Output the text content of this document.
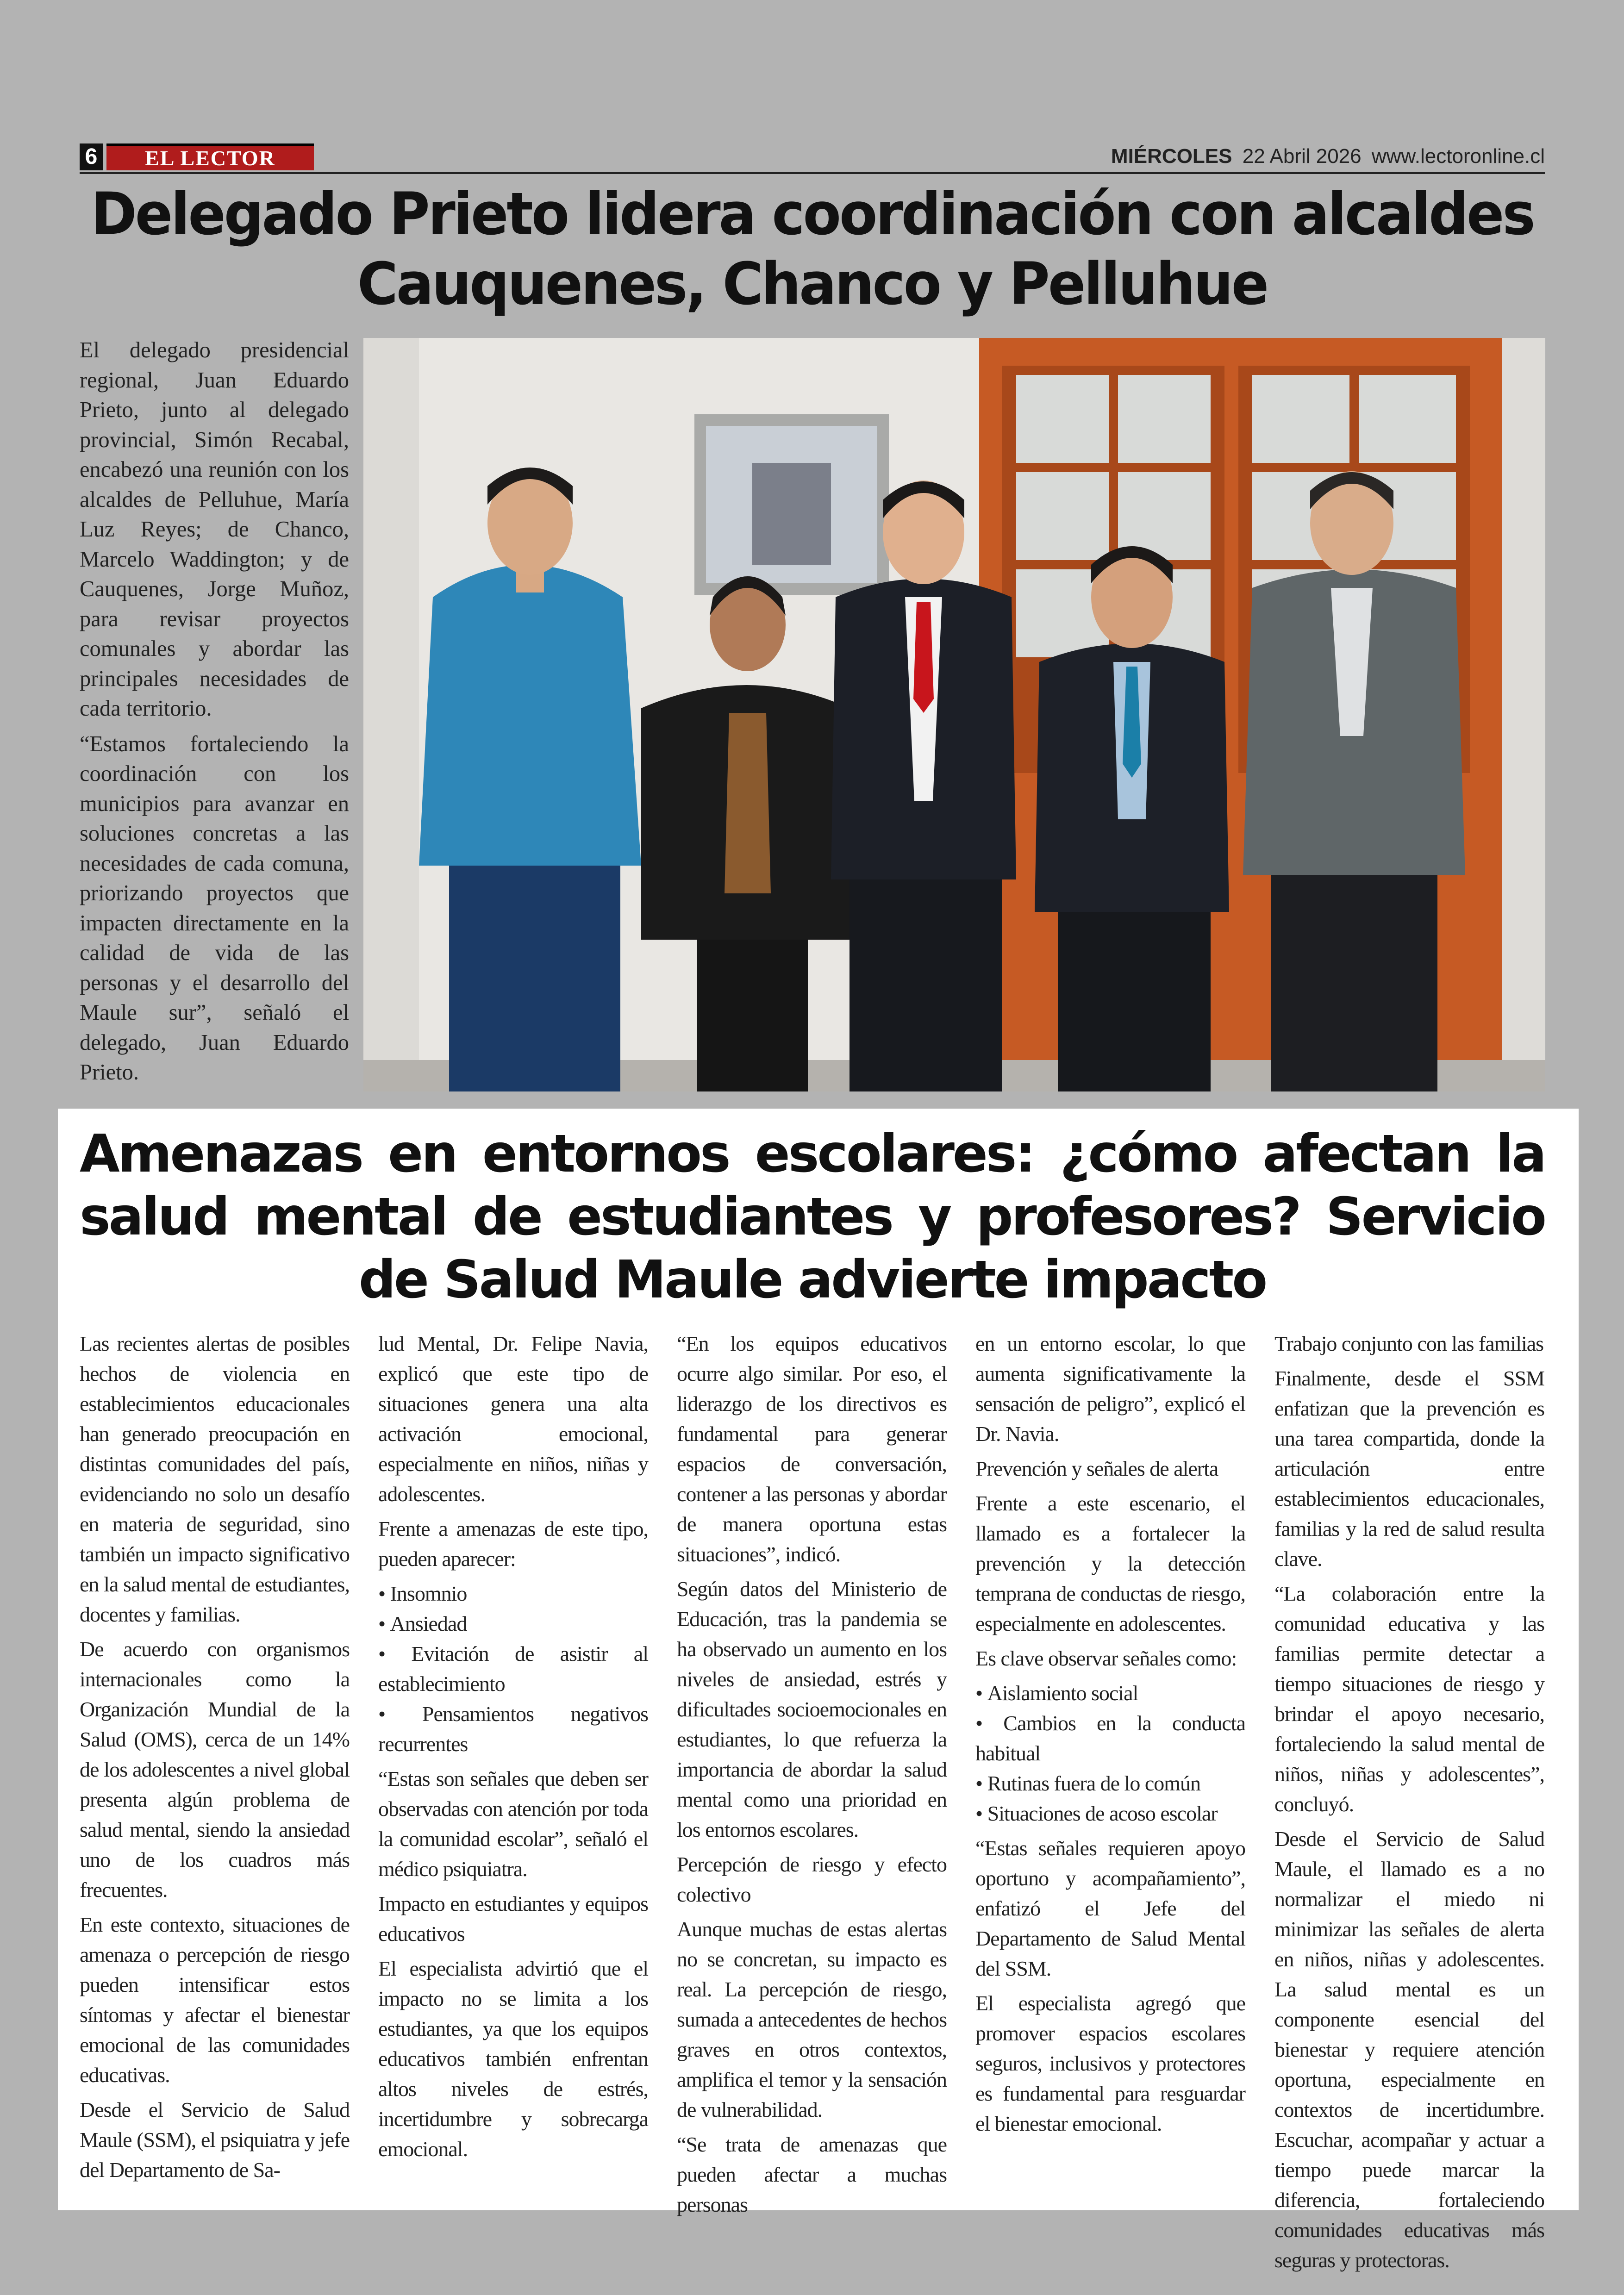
6	EL LECTOR	MIÉRCOLES 22 Abril 2026 www.lectoronline.cl
Delegado Prieto lidera coordinación con alcaldes Cauquenes, Chanco y Pelluhue

El delegado presidencial regional, Juan Eduardo Prieto, junto al delegado provincial, Simón Recabal, encabezó una reunión con los alcaldes de Pelluhue, María Luz Reyes; de Chanco, Marcelo Waddington; y de Cauquenes, Jorge Muñoz, para revisar proyectos comunales y abordar las principales necesidades de cada territorio.

“Estamos fortaleciendo la coordinación con los municipios para avanzar en soluciones concretas a las necesidades de cada comuna, priorizando proyectos que impacten directamente en la calidad de vida de las personas y el desarrollo del Maule sur”, señaló el delegado, Juan Eduardo Prieto.

Amenazas en entornos escolares: ¿cómo afectan la salud mental de estudiantes y profesores? Servicio de Salud Maule advierte impacto

Las recientes alertas de posibles hechos de violencia en establecimientos educacionales han generado preocupación en distintas comunidades del país, evidenciando no solo un desafío en materia de seguridad, sino también un impacto significativo en la salud mental de estudiantes, docentes y familias.

De acuerdo con organismos internacionales como la Organización Mundial de la Salud (OMS), cerca de un 14% de los adolescentes a nivel global presenta algún problema de salud mental, siendo la ansiedad uno de los cuadros más frecuentes.

En este contexto, situaciones de amenaza o percepción de riesgo pueden intensificar estos síntomas y afectar el bienestar emocional de las comunidades educativas.

Desde el Servicio de Salud Maule (SSM), el psiquiatra y jefe del Departamento de Sa-

lud Mental, Dr. Felipe Navia, explicó que este tipo de situaciones genera una alta activación emocional, especialmente en niños, niñas y adolescentes.

Frente a amenazas de este tipo, pueden aparecer:

• Insomnio
• Ansiedad
• Evitación de asistir al establecimiento
• Pensamientos negativos recurrentes

“Estas son señales que deben ser observadas con atención por toda la comunidad escolar”, señaló el médico psiquiatra.

Impacto en estudiantes y equipos educativos

El especialista advirtió que el impacto no se limita a los estudiantes, ya que los equipos educativos también enfrentan altos niveles de estrés, incertidumbre y sobrecarga emocional.

“En los equipos educativos ocurre algo similar. Por eso, el liderazgo de los directivos es fundamental para generar espacios de conversación, contener a las personas y abordar de manera oportuna estas situaciones”, indicó.

Según datos del Ministerio de Educación, tras la pandemia se ha observado un aumento en los niveles de ansiedad, estrés y dificultades socioemocionales en estudiantes, lo que refuerza la importancia de abordar la salud mental como una prioridad en los entornos escolares.

Percepción de riesgo y efecto colectivo

Aunque muchas de estas alertas no se concretan, su impacto es real. La percepción de riesgo, sumada a antecedentes de hechos graves en otros contextos, amplifica el temor y la sensación de vulnerabilidad.

“Se trata de amenazas que pueden afectar a muchas personas

en un entorno escolar, lo que aumenta significativamente la sensación de peligro”, explicó el Dr. Navia.

Prevención y señales de alerta

Frente a este escenario, el llamado es a fortalecer la prevención y la detección temprana de conductas de riesgo, especialmente en adolescentes.

Es clave observar señales como:

• Aislamiento social
• Cambios en la conducta habitual
• Rutinas fuera de lo común
• Situaciones de acoso escolar

“Estas señales requieren apoyo oportuno y acompañamiento”, enfatizó el Jefe del Departamento de Salud Mental del SSM.

El especialista agregó que promover espacios escolares seguros, inclusivos y protectores es fundamental para resguardar el bienestar emocional.

Trabajo conjunto con las familias

Finalmente, desde el SSM enfatizan que la prevención es una tarea compartida, donde la articulación entre establecimientos educacionales, familias y la red de salud resulta clave.

“La colaboración entre la comunidad educativa y las familias permite detectar a tiempo situaciones de riesgo y brindar el apoyo necesario, fortaleciendo la salud mental de niños, niñas y adolescentes”, concluyó.

Desde el Servicio de Salud Maule, el llamado es a no normalizar el miedo ni minimizar las señales de alerta en niños, niñas y adolescentes. La salud mental es un componente esencial del bienestar y requiere atención oportuna, especialmente en contextos de incertidumbre. Escuchar, acompañar y actuar a tiempo puede marcar la diferencia, fortaleciendo comunidades educativas más seguras y protectoras.
